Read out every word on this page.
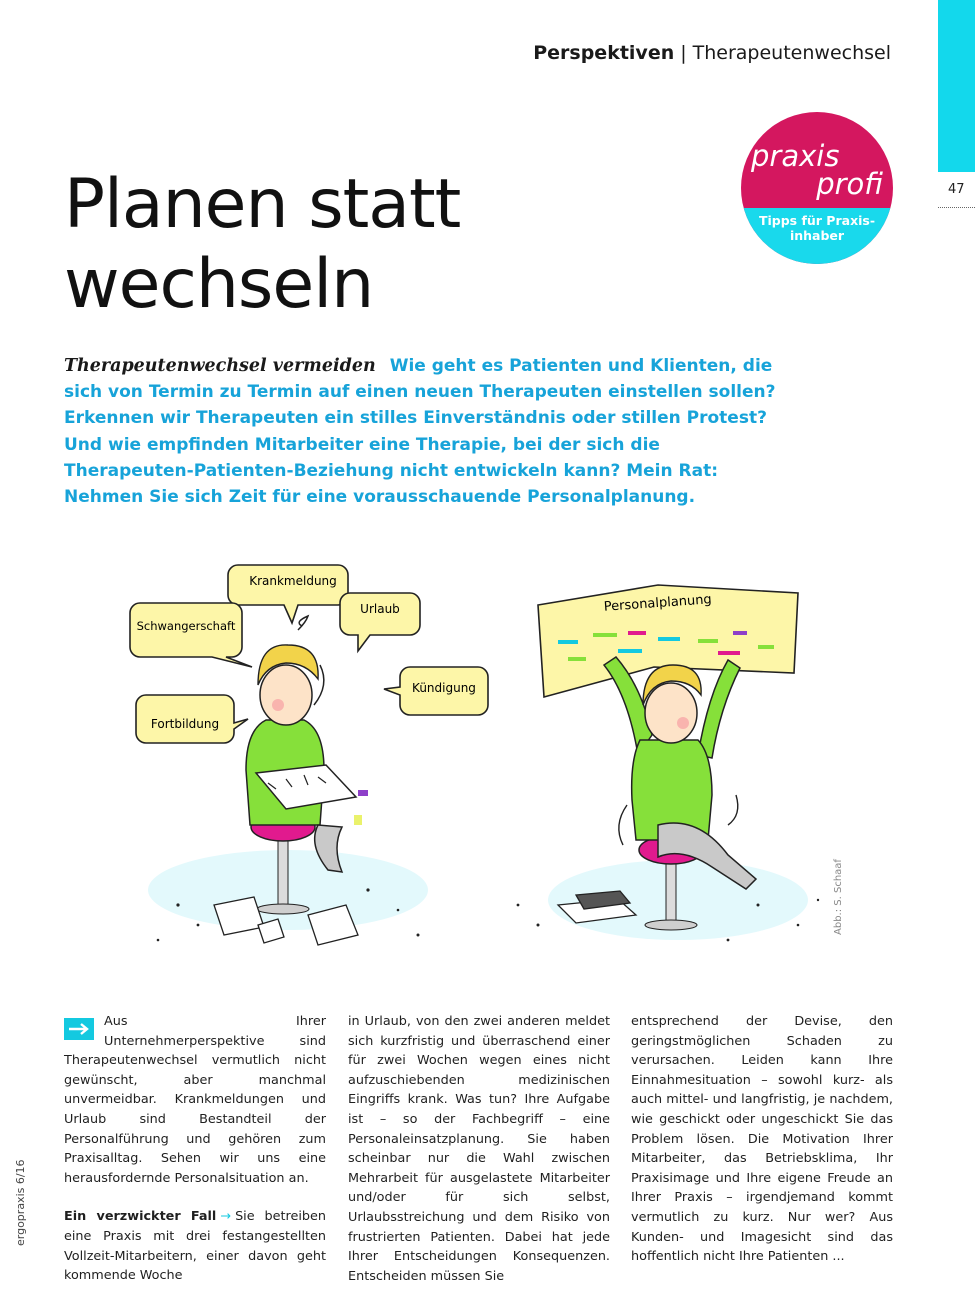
47
Perspektiven | Therapeutenwechsel
praxis
profi
Tipps für Praxis-
inhaber
Planen statt
wechseln
Therapeutenwechsel vermeiden Wie geht es Patienten und Klienten, die sich von Termin zu Termin auf einen neuen Therapeuten einstellen sollen? Erkennen wir Therapeuten ein stilles Einverständnis oder stillen Protest? Und wie empfinden Mitarbeiter eine Therapie, bei der sich die Therapeuten-Patienten-Beziehung nicht entwickeln kann? Mein Rat: Nehmen Sie sich Zeit für eine vorausschauende Personalplanung.
Krankmeldung
Urlaub
Schwangerschaft
Kündigung
Fortbildung
Personalplanung
Abb.: S. Schaaf
ergopraxis 6/16

Aus Ihrer Unternehmerperspektive sind Therapeutenwechsel vermutlich nicht gewünscht, aber manchmal unvermeidbar. Krankmeldungen und Urlaub sind Bestandteil der Personalführung und gehören zum Praxisalltag. Sehen wir uns eine herausfordernde Personalsituation an.

Ein verzwickter Fall → Sie betreiben eine Praxis mit drei festangestellten Vollzeit-Mitarbeitern, einer davon geht kommende Woche

in Urlaub, von den zwei anderen meldet sich kurzfristig und überraschend einer für zwei Wochen wegen eines nicht aufzuschiebenden medizinischen Eingriffs krank. Was tun? Ihre Aufgabe ist – so der Fachbegriff – eine Personaleinsatzplanung. Sie haben scheinbar nur die Wahl zwischen Mehrarbeit für ausgelastete Mitarbeiter und/oder für sich selbst, Urlaubsstreichung und dem Risiko von frustrierten Patienten. Dabei hat jede Ihrer Entscheidungen Konsequenzen. Entscheiden müssen Sie

entsprechend der Devise, den geringstmöglichen Schaden zu verursachen. Leiden kann Ihre Einnahmesituation – sowohl kurz- als auch mittel- und langfristig, je nachdem, wie geschickt oder ungeschickt Sie das Problem lösen. Die Motivation Ihrer Mitarbeiter, das Betriebsklima, Ihr Praxisimage und Ihre eigene Freude an Ihrer Praxis – irgendjemand kommt vermutlich zu kurz. Nur wer? Aus Kunden- und Imagesicht sind das hoffentlich nicht Ihre Patienten ...
